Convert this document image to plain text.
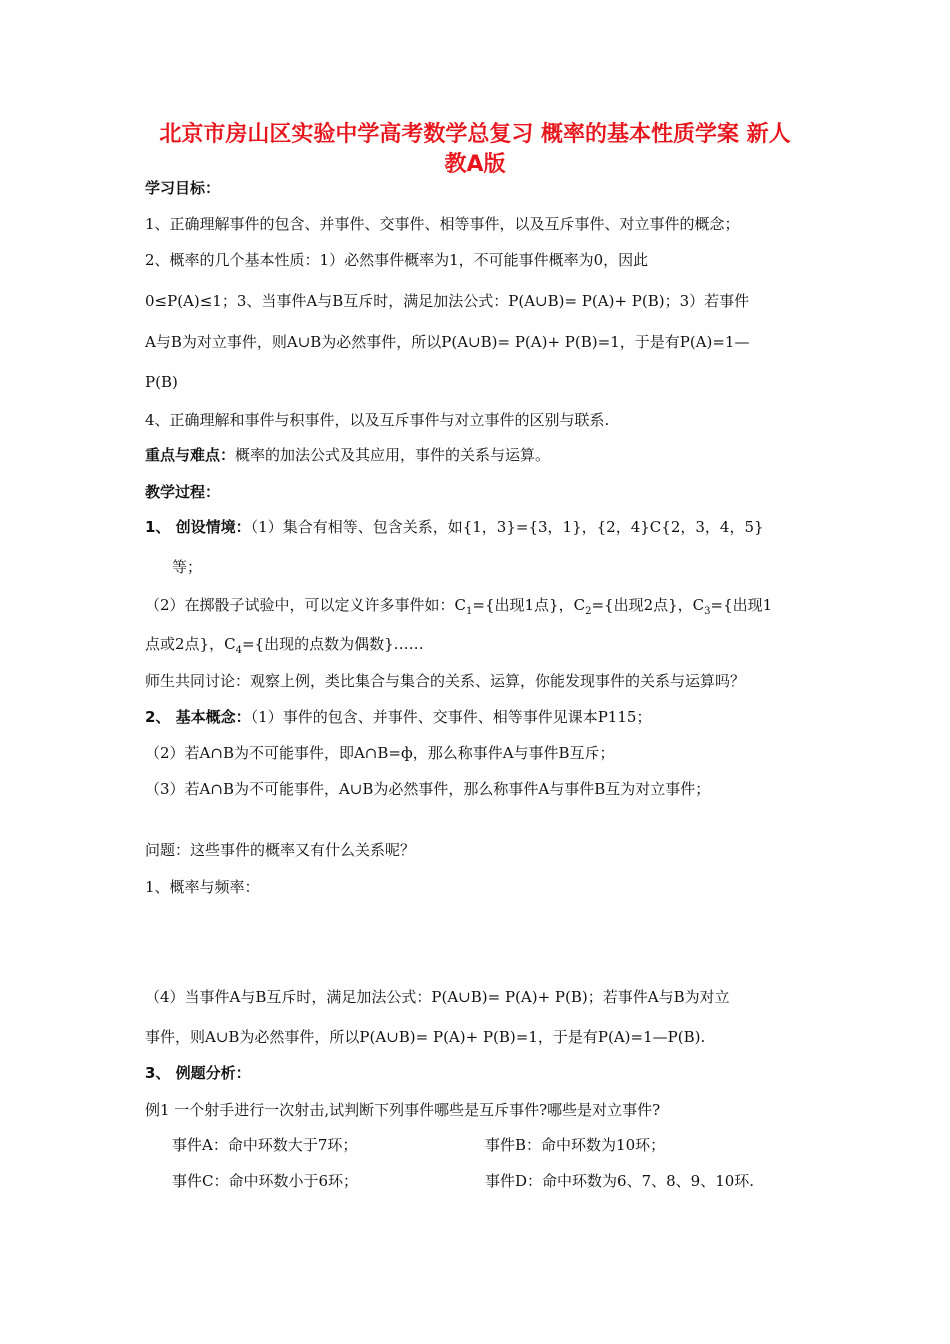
北京市房山区实验中学高考数学总复习 概率的基本性质学案 新人
教A版
学习目标：
1、正确理解事件的包含、并事件、交事件、相等事件，以及互斥事件、对立事件的概念；
2、概率的几个基本性质：1）必然事件概率为1，不可能事件概率为0，因此
0≤P(A)≤1；3、当事件A与B互斥时，满足加法公式：P(A∪B)= P(A)+ P(B)；3）若事件
A与B为对立事件，则A∪B为必然事件，所以P(A∪B)= P(A)+ P(B)=1，于是有P(A)=1—
P(B)
4、正确理解和事件与积事件，以及互斥事件与对立事件的区别与联系.
重点与难点：概率的加法公式及其应用，事件的关系与运算。
教学过程：
1、 创设情境：（1）集合有相等、包含关系，如{1，3}={3，1}，{2，4}C{2，3，4，5}
等；
（2）在掷骰子试验中，可以定义许多事件如：$C_1=${出现1点}，$C_2=${出现2点}，$C_3=${出现1
点或2点}，$C_4=${出现的点数为偶数}……
师生共同讨论：观察上例，类比集合与集合的关系、运算，你能发现事件的关系与运算吗？
2、 基本概念：（1）事件的包含、并事件、交事件、相等事件见课本P115；
（2）若A∩B为不可能事件，即A∩B=ф，那么称事件A与事件B互斥；
（3）若A∩B为不可能事件，A∪B为必然事件，那么称事件A与事件B互为对立事件；
问题：这些事件的概率又有什么关系呢？
1、概率与频率：
（4）当事件A与B互斥时，满足加法公式：P(A∪B)= P(A)+ P(B)；若事件A与B为对立
事件，则A∪B为必然事件，所以P(A∪B)= P(A)+ P(B)=1，于是有P(A)=1—P(B).
3、 例题分析：
例1 一个射手进行一次射击,试判断下列事件哪些是互斥事件?哪些是对立事件?
事件A：命中环数大于7环；	事件B：命中环数为10环；
事件C：命中环数小于6环；	事件D：命中环数为6、7、8、9、10环.
